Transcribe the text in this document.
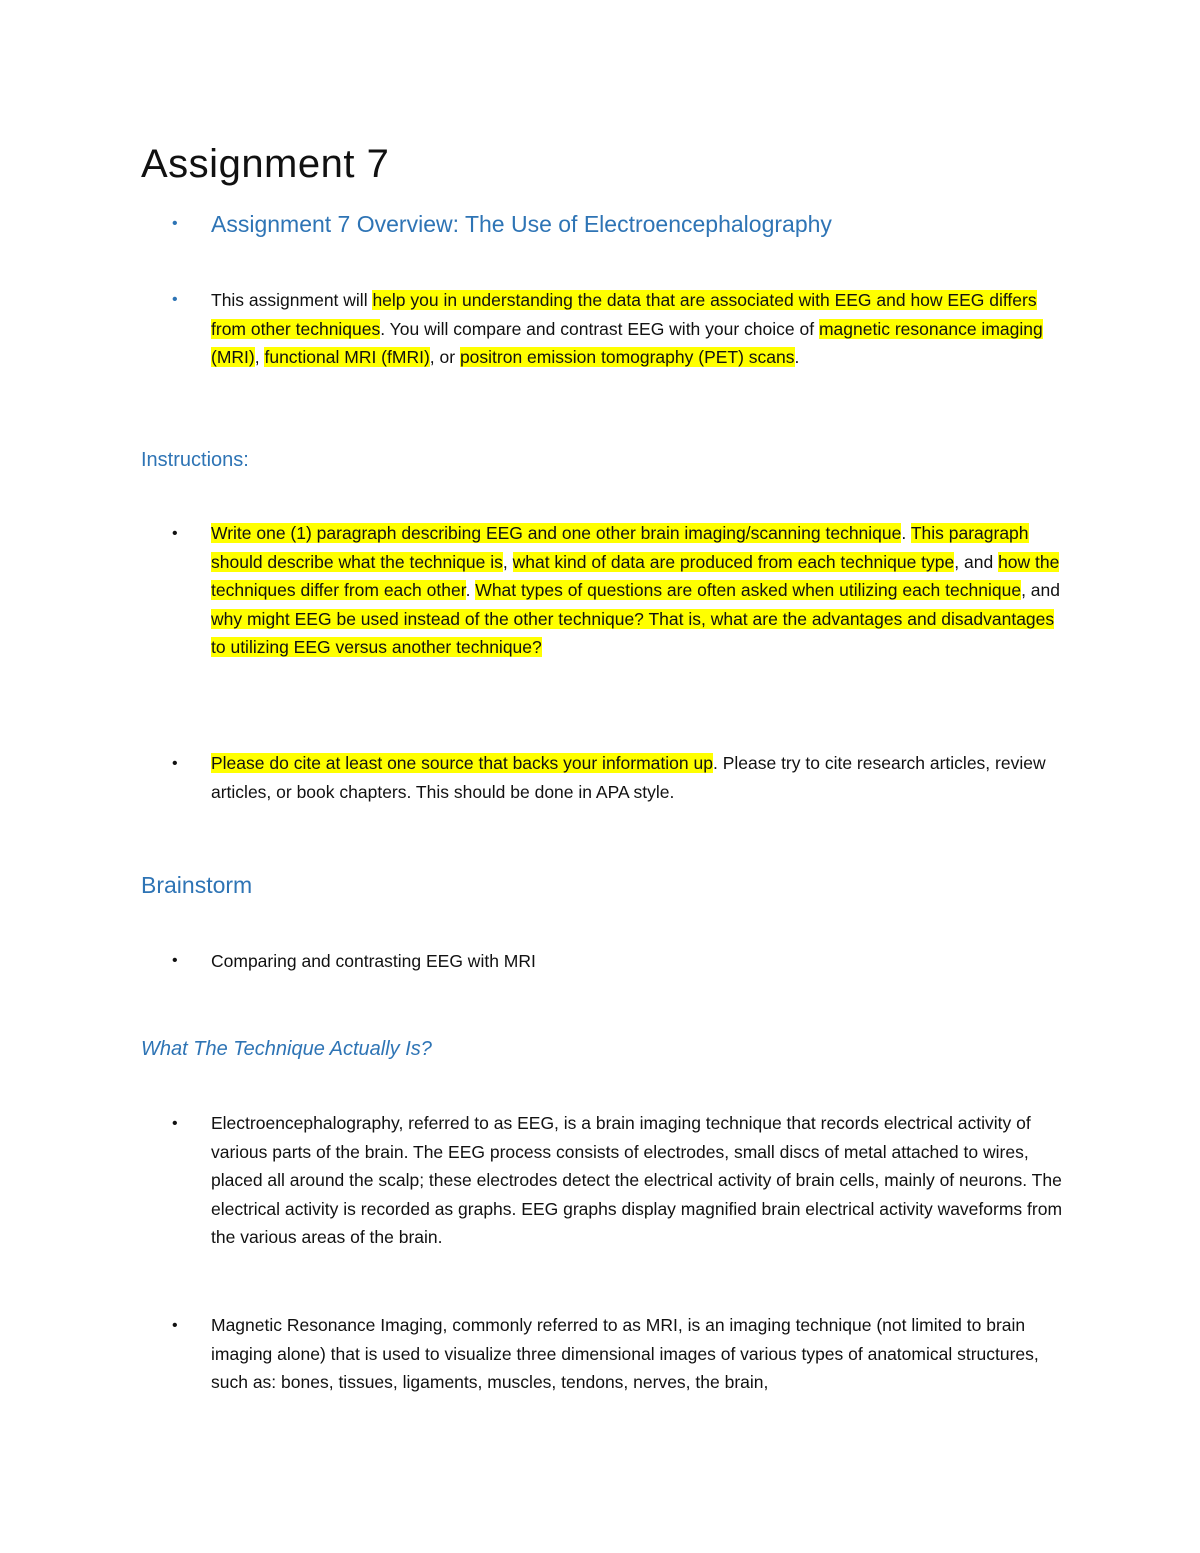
Assignment 7
• Assignment 7 Overview: The Use of Electroencephalography
• This assignment will help you in understanding the data that are associated with EEG and how EEG differs from other techniques. You will compare and contrast EEG with your choice of magnetic resonance imaging (MRI), functional MRI (fMRI), or positron emission tomography (PET) scans.
Instructions:
• Write one (1) paragraph describing EEG and one other brain imaging/scanning technique. This paragraph should describe what the technique is, what kind of data are produced from each technique type, and how the techniques differ from each other. What types of questions are often asked when utilizing each technique, and why might EEG be used instead of the other technique? That is, what are the advantages and disadvantages to utilizing EEG versus another technique?
• Please do cite at least one source that backs your information up. Please try to cite research articles, review articles, or book chapters. This should be done in APA style.
Brainstorm
• Comparing and contrasting EEG with MRI
What The Technique Actually Is?
• Electroencephalography, referred to as EEG, is a brain imaging technique that records electrical activity of various parts of the brain. The EEG process consists of electrodes, small discs of metal attached to wires, placed all around the scalp; these electrodes detect the electrical activity of brain cells, mainly of neurons. The electrical activity is recorded as graphs. EEG graphs display magnified brain electrical activity waveforms from the various areas of the brain.
• Magnetic Resonance Imaging, commonly referred to as MRI, is an imaging technique (not limited to brain imaging alone) that is used to visualize three dimensional images of various types of anatomical structures, such as: bones, tissues, ligaments, muscles, tendons, nerves, the brain,
